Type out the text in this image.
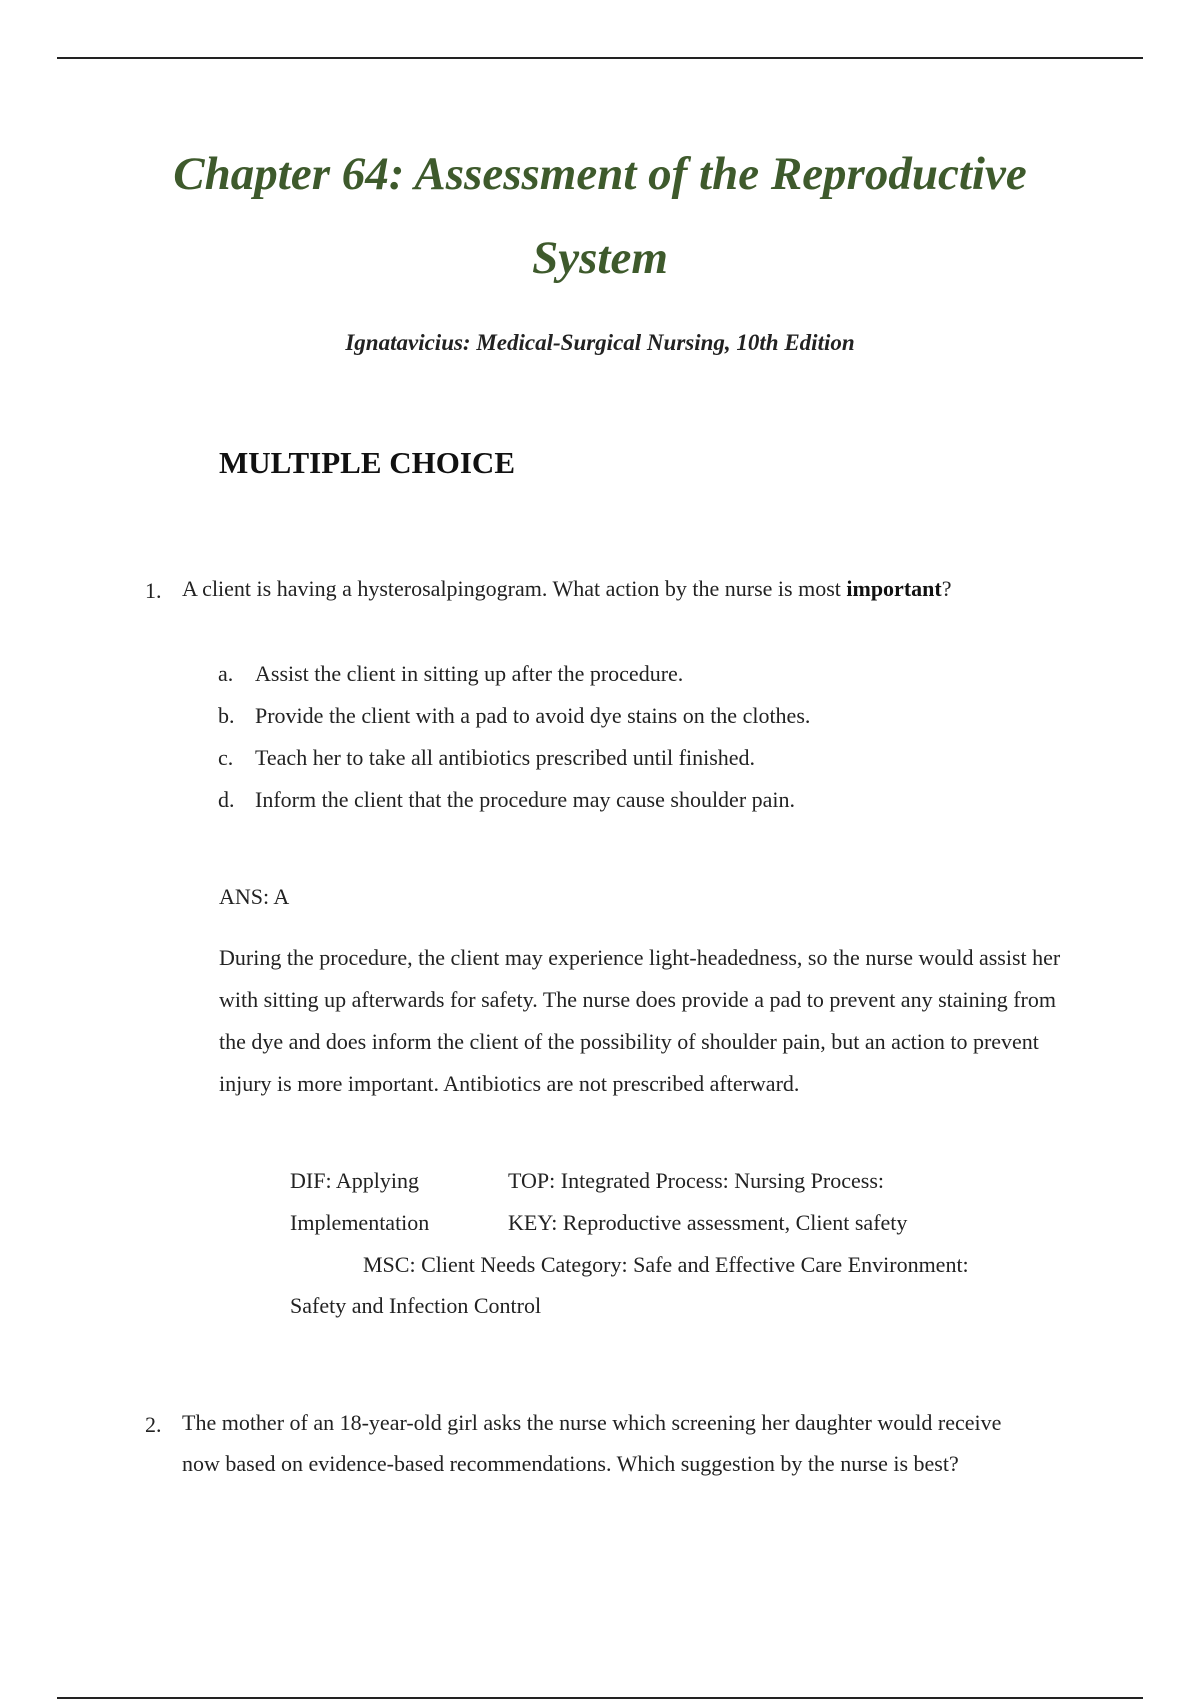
Chapter 64: Assessment of the Reproductive System

Ignatavicius: Medical-Surgical Nursing, 10th Edition

MULTIPLE CHOICE
1. A client is having a hysterosalpingogram. What action by the nurse is most important?

a. Assist the client in sitting up after the procedure.
b. Provide the client with a pad to avoid dye stains on the clothes.
c. Teach her to take all antibiotics prescribed until finished.
d. Inform the client that the procedure may cause shoulder pain.

ANS: A

During the procedure, the client may experience light-headedness, so the nurse would assist her with sitting up afterwards for safety. The nurse does provide a pad to prevent any staining from the dye and does inform the client of the possibility of shoulder pain, but an action to prevent injury is more important. Antibiotics are not prescribed afterward.

DIF: Applying	TOP: Integrated Process: Nursing Process:

Implementation	KEY: Reproductive assessment, Client safety

MSC: Client Needs Category: Safe and Effective Care Environment:

Safety and Infection Control

2. The mother of an 18-year-old girl asks the nurse which screening her daughter would receive now based on evidence-based recommendations. Which suggestion by the nurse is best?
